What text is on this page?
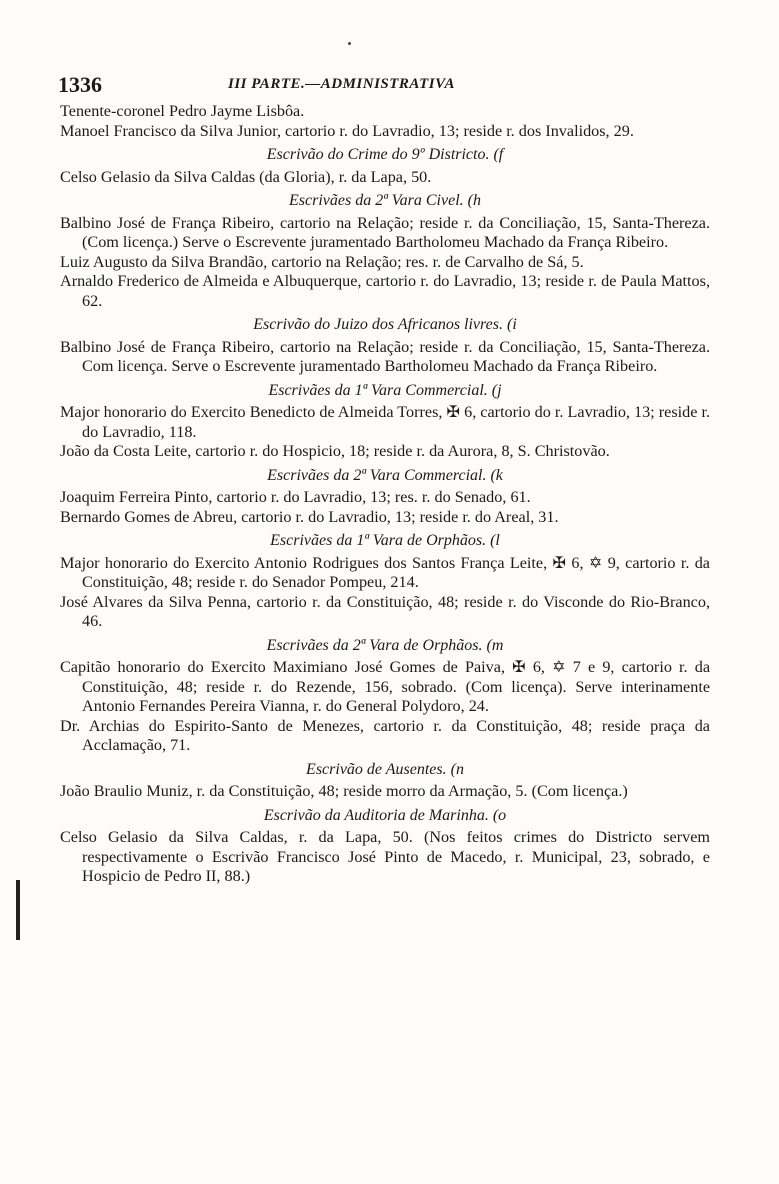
1336	III PARTE.—ADMINISTRATIVA

Tenente-coronel Pedro Jayme Lisbôa.

Manoel Francisco da Silva Junior, cartorio r. do Lavradio, 13; reside r. dos Invalidos, 29.

Escrivão do Crime do 9º Districto. (f

Celso Gelasio da Silva Caldas (da Gloria), r. da Lapa, 50.

Escrivães da 2ª Vara Civel. (h

Balbino José de França Ribeiro, cartorio na Relação; reside r. da Conciliação, 15, Santa-Thereza. (Com licença.) Serve o Escrevente juramentado Bartholomeu Machado da França Ribeiro.

Luiz Augusto da Silva Brandão, cartorio na Relação; res. r. de Carvalho de Sá, 5.

Arnaldo Frederico de Almeida e Albuquerque, cartorio r. do Lavradio, 13; reside r. de Paula Mattos, 62.

Escrivão do Juizo dos Africanos livres. (i

Balbino José de França Ribeiro, cartorio na Relação; reside r. da Conciliação, 15, Santa-Thereza. Com licença. Serve o Escrevente juramentado Bartholomeu Machado da França Ribeiro.

Escrivães da 1ª Vara Commercial. (j

Major honorario do Exercito Benedicto de Almeida Torres, ✠ 6, cartorio do r. Lavradio, 13; reside r. do Lavradio, 118.

João da Costa Leite, cartorio r. do Hospicio, 18; reside r. da Aurora, 8, S. Christovão.

Escrivães da 2ª Vara Commercial. (k

Joaquim Ferreira Pinto, cartorio r. do Lavradio, 13; res. r. do Senado, 61.

Bernardo Gomes de Abreu, cartorio r. do Lavradio, 13; reside r. do Areal, 31.

Escrivães da 1ª Vara de Orphãos. (l

Major honorario do Exercito Antonio Rodrigues dos Santos França Leite, ✠ 6, ✡ 9, cartorio r. da Constituição, 48; reside r. do Senador Pompeu, 214.

José Alvares da Silva Penna, cartorio r. da Constituição, 48; reside r. do Visconde do Rio-Branco, 46.

Escrivães da 2ª Vara de Orphãos. (m

Capitão honorario do Exercito Maximiano José Gomes de Paiva, ✠ 6, ✡ 7 e 9, cartorio r. da Constituição, 48; reside r. do Rezende, 156, sobrado. (Com licença). Serve interinamente Antonio Fernandes Pereira Vianna, r. do General Polydoro, 24.

Dr. Archias do Espirito-Santo de Menezes, cartorio r. da Constituição, 48; reside praça da Acclamação, 71.

Escrivão de Ausentes. (n

João Braulio Muniz, r. da Constituição, 48; reside morro da Armação, 5. (Com licença.)

Escrivão da Auditoria de Marinha. (o

Celso Gelasio da Silva Caldas, r. da Lapa, 50. (Nos feitos crimes do Districto servem respectivamente o Escrivão Francisco José Pinto de Macedo, r. Municipal, 23, sobrado, e Hospicio de Pedro II, 88.)
